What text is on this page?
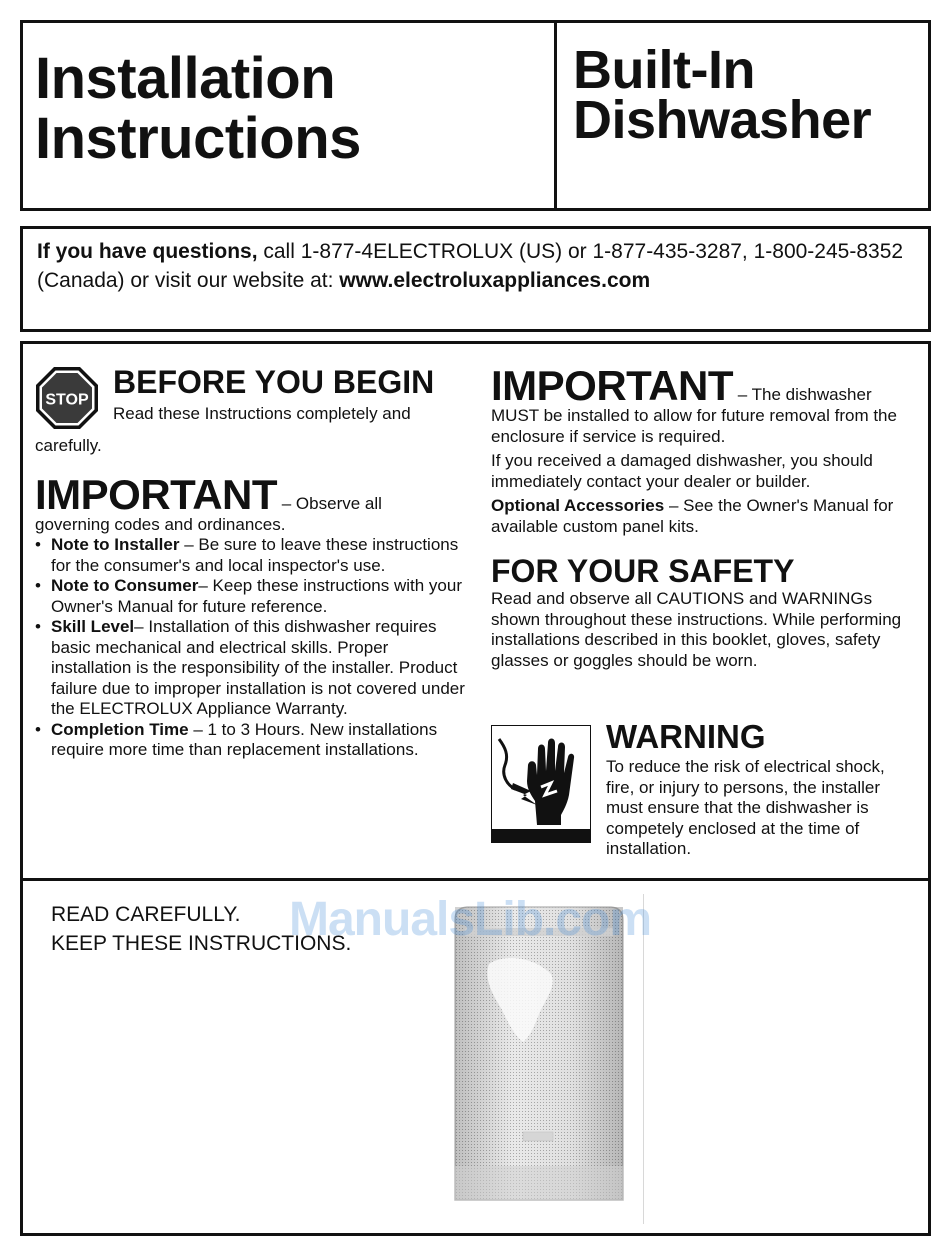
Installation
Instructions
Built-In
Dishwasher
If you have questions, call 1-877-4ELECTROLUX (US) or 1-877-435-3287, 1-800-245-8352 (Canada) or visit our website at: www.electroluxappliances.com
STOP BEFORE YOU BEGIN
Read these Instructions completely and

carefully.

IMPORTANT – Observe all

governing codes and ordinances.

• Note to Installer – Be sure to leave these instructions for the consumer's and local inspector's use.
• Note to Consumer– Keep these instructions with your Owner's Manual for future reference.
• Skill Level– Installation of this dishwasher requires basic mechanical and electrical skills. Proper installation is the responsibility of the installer. Product failure due to improper installation is not covered under the ELECTROLUX Appliance Warranty.
• Completion Time – 1 to 3 Hours. New installations require more time than replacement installations.
IMPORTANT – The dishwasher

MUST be installed to allow for future removal from the enclosure if service is required.

If you received a damaged dishwasher, you should immediately contact your dealer or builder.

Optional Accessories – See the Owner's Manual for available custom panel kits.

FOR YOUR SAFETY

Read and observe all CAUTIONS and WARNINGs shown throughout these instructions. While performing installations described in this booklet, gloves, safety glasses or goggles should be worn.

WARNING
To reduce the risk of electrical shock, fire, or injury to persons, the installer must ensure that the dishwasher is competely enclosed at the time of installation.
READ CAREFULLY.
KEEP THESE INSTRUCTIONS.
ManualsLib.com
